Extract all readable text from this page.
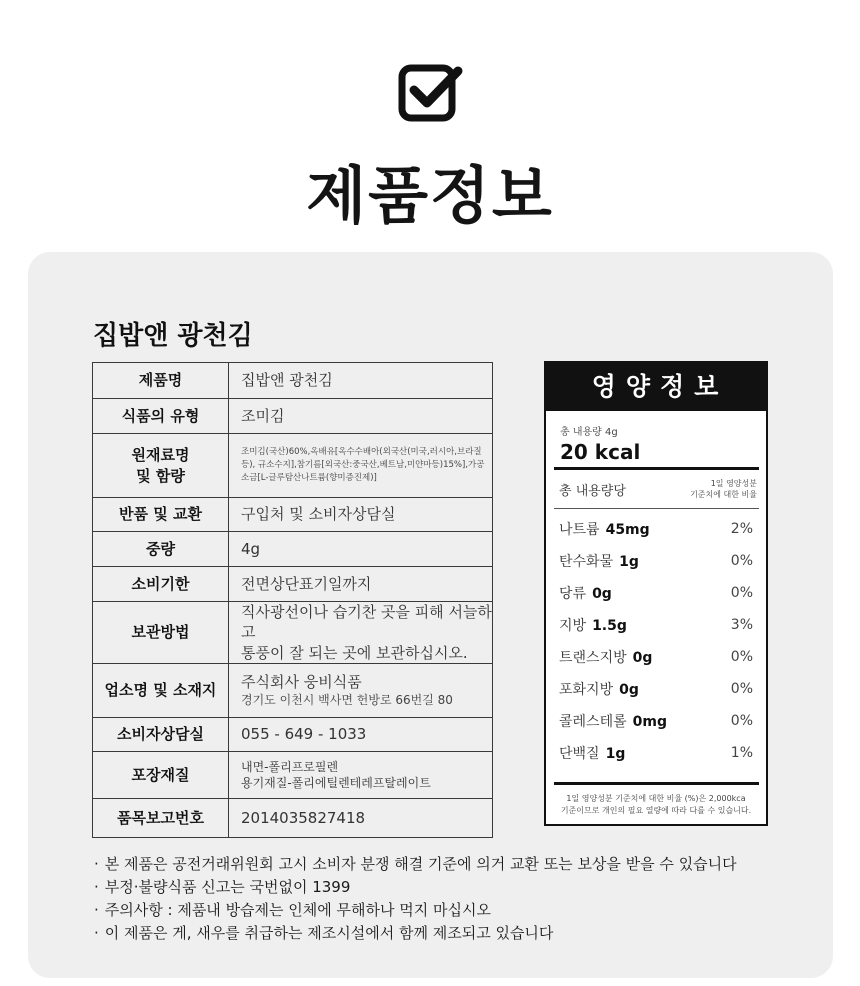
제품정보
집밥앤 광천김
제품명	집밥앤 광천김
식품의 유형	조미김
원재료명
및 함량	조미김(국산)60%,옥배유[옥수수배아(외국산(미국,러시아,브라질 등), 규소수지],참기름[외국산:중국산,베트남,미얀마등)15%],가공소금[L-글루탐산나트륨(향미증진제)]
반품 및 교환	구입처 및 소비자상담실
중량	4g
소비기한	전면상단표기일까지
보관방법	직사광선이나 습기찬 곳을 피해 서늘하고
통풍이 잘 되는 곳에 보관하십시오.
업소명 및 소재지	주식회사 웅비식품
경기도 이천시 백사면 헌방로 66번길 80

소비자상담실	055 - 649 - 1033
포장재질	내면-폴리프로필렌
용기재질-폴리에틸렌테레프탈레이트
품목보고번호	2014035827418
영양정보
총 내용량 4g
20 kcal
총 내용량당
1일 영양성분
기준치에 대한 비율
나트륨 45mg	2%
탄수화물 1g	0%
당류 0g	0%
지방 1.5g	3%
트랜스지방 0g	0%
포화지방 0g	0%
콜레스테롤 0mg	0%
단백질 1g	1%
1일 영양성분 기준치에 대한 비율 (%)은 2,000kca
기준이므로 개인의 필요 열량에 따라 다를 수 있습니다.
· 본 제품은 공전거래위원회 고시 소비자 분쟁 해결 기준에 의거 교환 또는 보상을 받을 수 있습니다
· 부정·불량식품 신고는 국번없이 1399
· 주의사항 : 제품내 방습제는 인체에 무해하나 먹지 마십시오
· 이 제품은 게, 새우를 취급하는 제조시설에서 함께 제조되고 있습니다
